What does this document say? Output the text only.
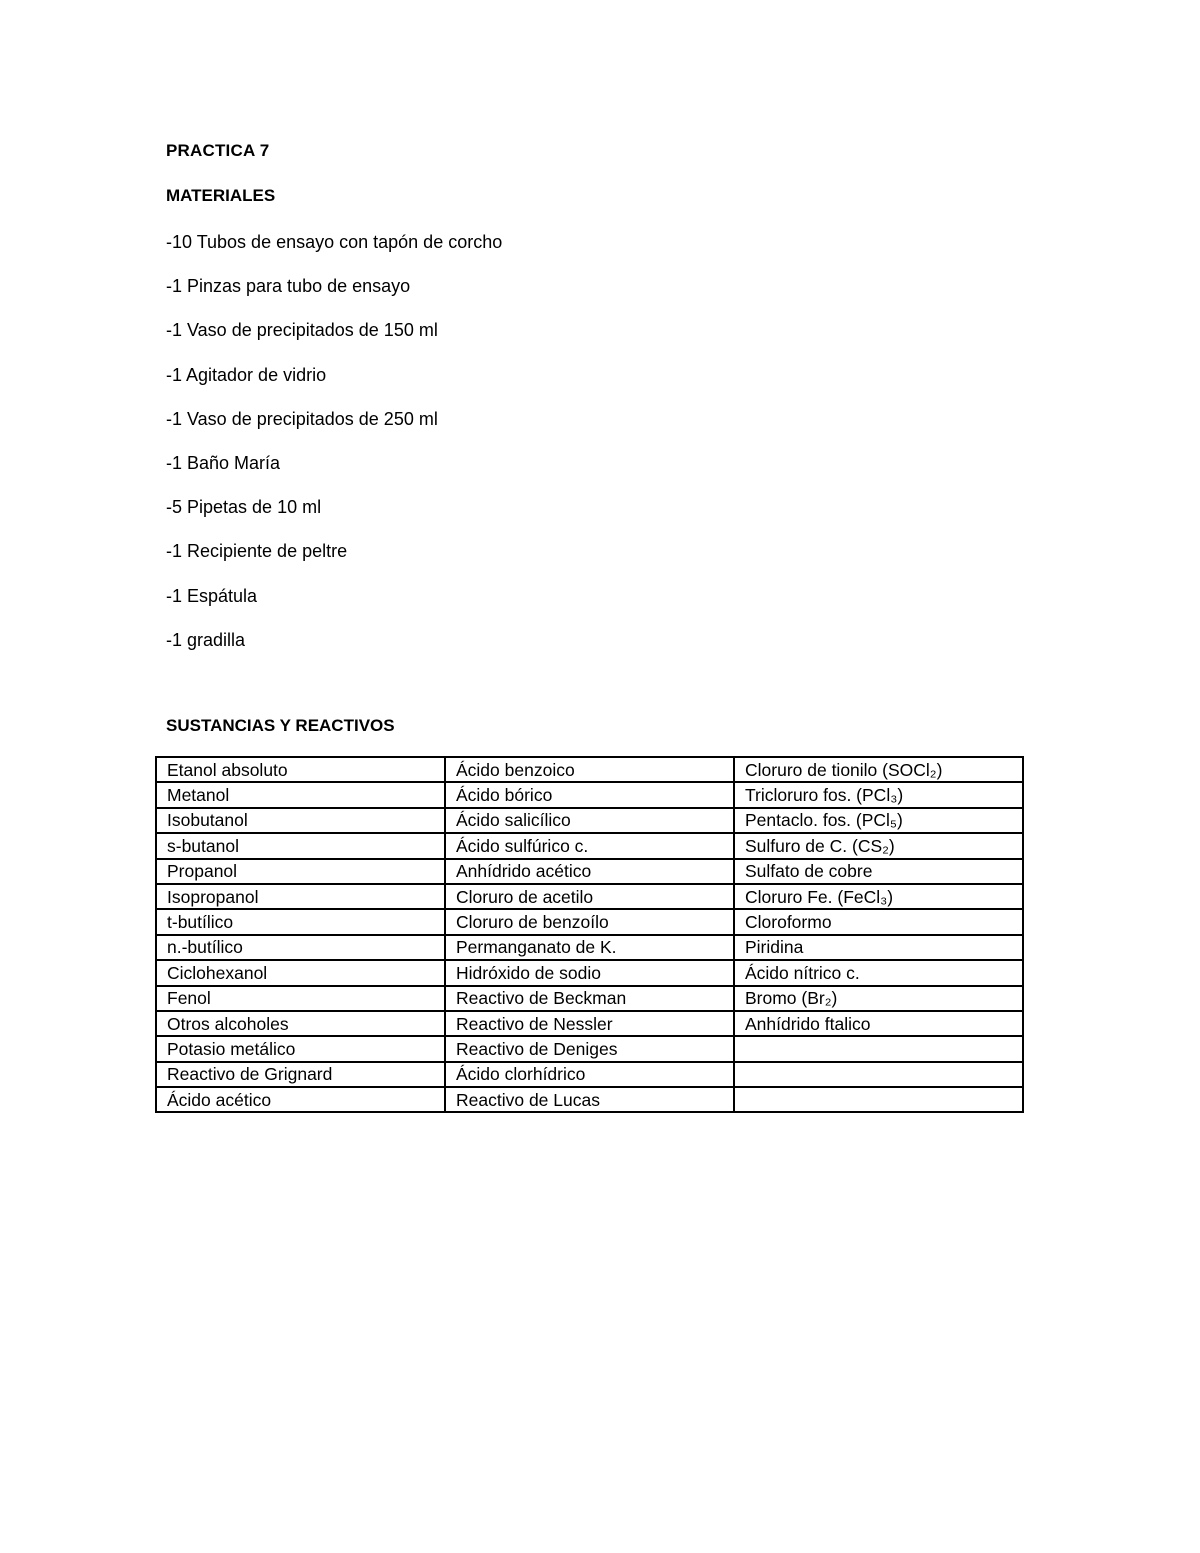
PRACTICA 7
MATERIALES
-10 Tubos de ensayo con tapón de corcho
-1 Pinzas para tubo de ensayo
-1 Vaso de precipitados de 150 ml
-1 Agitador de vidrio
-1 Vaso de precipitados de 250 ml
-1 Baño María
-5 Pipetas de 10 ml
-1 Recipiente de peltre
-1 Espátula
-1 gradilla
SUSTANCIAS Y REACTIVOS
Etanol absoluto	Ácido benzoico	Cloruro de tionilo (SOCl₂)
Metanol	Ácido bórico	Tricloruro fos. (PCl₃)
Isobutanol	Ácido salicílico	Pentaclo. fos. (PCl₅)
s-butanol	Ácido sulfúrico c.	Sulfuro de C. (CS₂)
Propanol	Anhídrido acético	Sulfato de cobre
Isopropanol	Cloruro de acetilo	Cloruro Fe. (FeCl₃)
t-butílico	Cloruro de benzoílo	Cloroformo
n.-butílico	Permanganato de K.	Piridina
Ciclohexanol	Hidróxido de sodio	Ácido nítrico c.
Fenol	Reactivo de Beckman	Bromo (Br₂)
Otros alcoholes	Reactivo de Nessler	Anhídrido ftalico
Potasio metálico	Reactivo de Deniges	
Reactivo de Grignard	Ácido clorhídrico	
Ácido acético	Reactivo de Lucas	
